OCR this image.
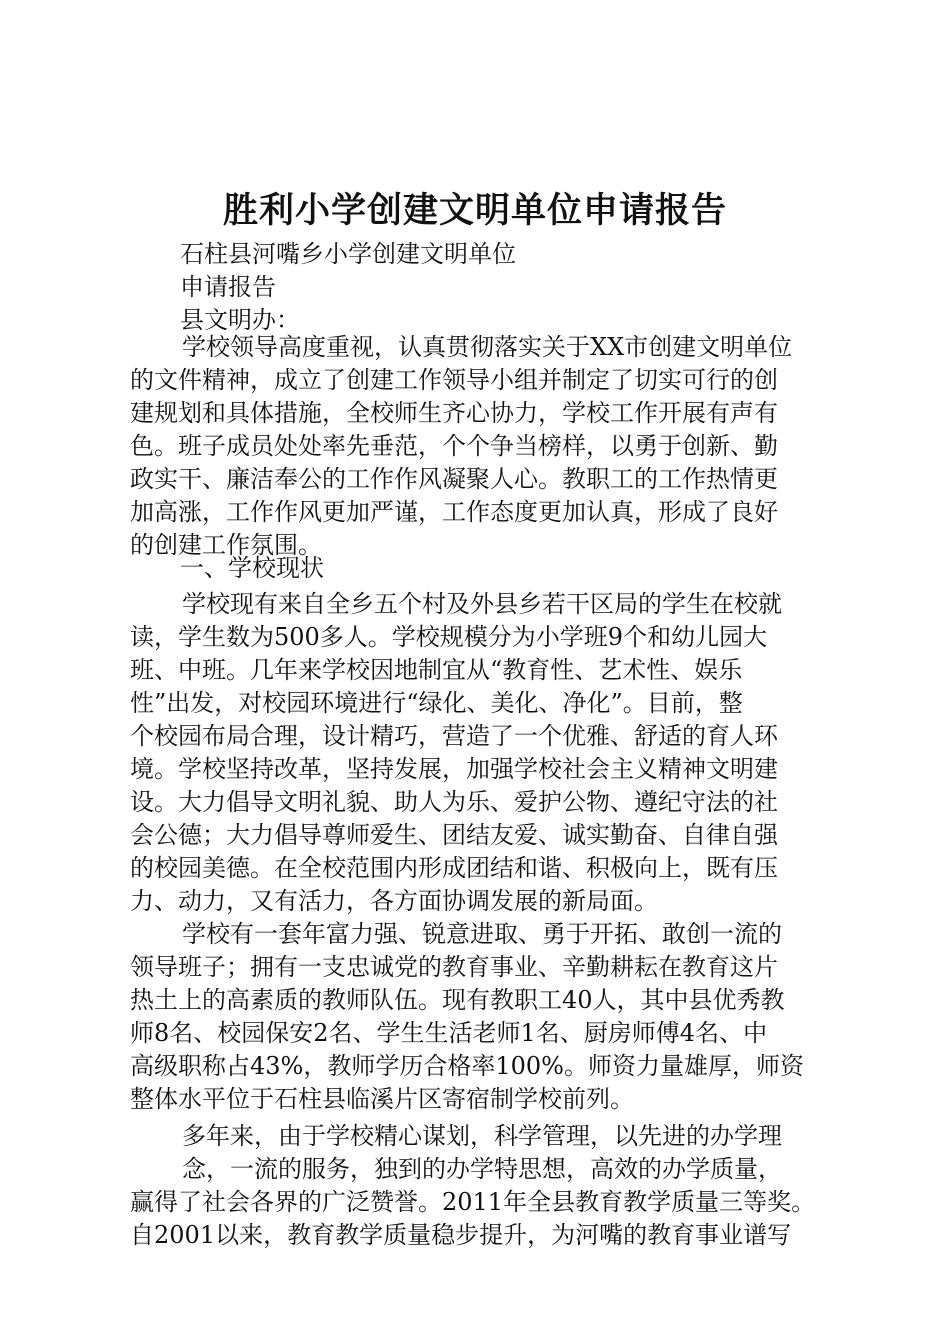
胜利小学创建文明单位申请报告
石柱县河嘴乡小学创建文明单位
申请报告
县文明办：
学校领导高度重视，认真贯彻落实关于XX市创建文明单位
的文件精神，成立了创建工作领导小组并制定了切实可行的创
建规划和具体措施，全校师生齐心协力，学校工作开展有声有
色。班子成员处处率先垂范，个个争当榜样，以勇于创新、勤
政实干、廉洁奉公的工作作风凝聚人心。教职工的工作热情更
加高涨，工作作风更加严谨，工作态度更加认真，形成了良好
的创建工作氛围。
一、学校现状
学校现有来自全乡五个村及外县乡若干区局的学生在校就
读，学生数为500多人。学校规模分为小学班9个和幼儿园大
班、中班。几年来学校因地制宜从“教育性、艺术性、娱乐
性”出发，对校园环境进行“绿化、美化、净化”。目前，整
个校园布局合理，设计精巧，营造了一个优雅、舒适的育人环
境。学校坚持改革，坚持发展，加强学校社会主义精神文明建
设。大力倡导文明礼貌、助人为乐、爱护公物、遵纪守法的社
会公德；大力倡导尊师爱生、团结友爱、诚实勤奋、自律自强
的校园美德。在全校范围内形成团结和谐、积极向上，既有压
力、动力，又有活力，各方面协调发展的新局面。
学校有一套年富力强、锐意进取、勇于开拓、敢创一流的
领导班子；拥有一支忠诚党的教育事业、辛勤耕耘在教育这片
热土上的高素质的教师队伍。现有教职工40人，其中县优秀教
师8名、校园保安2名、学生生活老师1名、厨房师傅4名、中
高级职称占43%，教师学历合格率100%。师资力量雄厚，师资
整体水平位于石柱县临溪片区寄宿制学校前列。
多年来，由于学校精心谋划，科学管理，以先进的办学理
念，一流的服务，独到的办学特思想，高效的办学质量，
赢得了社会各界的广泛赞誉。2011年全县教育教学质量三等奖。
自2001以来，教育教学质量稳步提升，为河嘴的教育事业谱写
